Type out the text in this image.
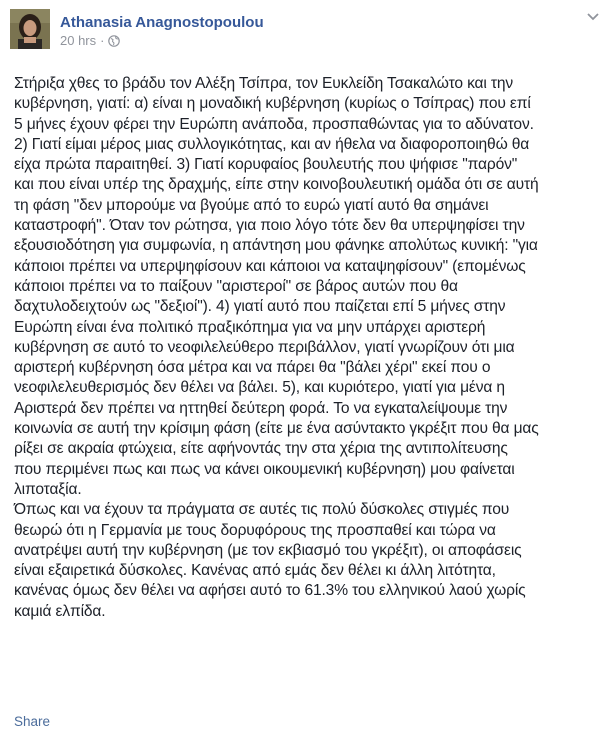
Athanasia Anagnostopoulou
20 hrs ·
Στήριξα χθες το βράδυ τον Αλέξη Τσίπρα, τον Ευκλείδη Τσακαλώτο και την
κυβέρνηση, γιατί: α) είναι η μοναδική κυβέρνηση (κυρίως ο Τσίπρας) που επί
5 μήνες έχουν φέρει την Ευρώπη ανάποδα, προσπαθώντας για το αδύνατον.
2) Γιατί είμαι μέρος μιας συλλογικότητας, και αν ήθελα να διαφοροποιηθώ θα
είχα πρώτα παραιτηθεί. 3) Γιατί κορυφαίος βουλευτής που ψήφισε "παρόν"
και που είναι υπέρ της δραχμής, είπε στην κοινοβουλευτική ομάδα ότι σε αυτή
τη φάση "δεν μπορούμε να βγούμε από το ευρώ γιατί αυτό θα σημάνει
καταστροφή". Όταν τον ρώτησα, για ποιο λόγο τότε δεν θα υπερψηφίσει την
εξουσιοδότηση για συμφωνία, η απάντηση μου φάνηκε απολύτως κυνική: "για
κάποιοι πρέπει να υπερψηφίσουν και κάποιοι να καταψηφίσουν" (επομένως
κάποιοι πρέπει να το παίξουν "αριστεροί" σε βάρος αυτών που θα
δαχτυλοδειχτούν ως "δεξιοί"). 4) γιατί αυτό που παίζεται επί 5 μήνες στην
Ευρώπη είναι ένα πολιτικό πραξικόπημα για να μην υπάρχει αριστερή
κυβέρνηση σε αυτό το νεοφιλελεύθερο περιβάλλον, γιατί γνωρίζουν ότι μια
αριστερή κυβέρνηση όσα μέτρα και να πάρει θα "βάλει χέρι" εκεί που ο
νεοφιλελευθερισμός δεν θέλει να βάλει. 5), και κυριότερο, γιατί για μένα η
Αριστερά δεν πρέπει να ηττηθεί δεύτερη φορά. Το να εγκαταλείψουμε την
κοινωνία σε αυτή την κρίσιμη φάση (είτε με ένα ασύντακτο γκρέξιτ που θα μας
ρίξει σε ακραία φτώχεια, είτε αφήνοντάς την στα χέρια της αντιπολίτευσης
που περιμένει πως και πως να κάνει οικουμενική κυβέρνηση) μου φαίνεται
λιποταξία.
Όπως και να έχουν τα πράγματα σε αυτές τις πολύ δύσκολες στιγμές που
θεωρώ ότι η Γερμανία με τους δορυφόρους της προσπαθεί και τώρα να
ανατρέψει αυτή την κυβέρνηση (με τον εκβιασμό του γκρέξιτ), οι αποφάσεις
είναι εξαιρετικά δύσκολες. Κανένας από εμάς δεν θέλει κι άλλη λιτότητα,
κανένας όμως δεν θέλει να αφήσει αυτό το 61.3% του ελληνικού λαού χωρίς
καμιά ελπίδα.
Share
